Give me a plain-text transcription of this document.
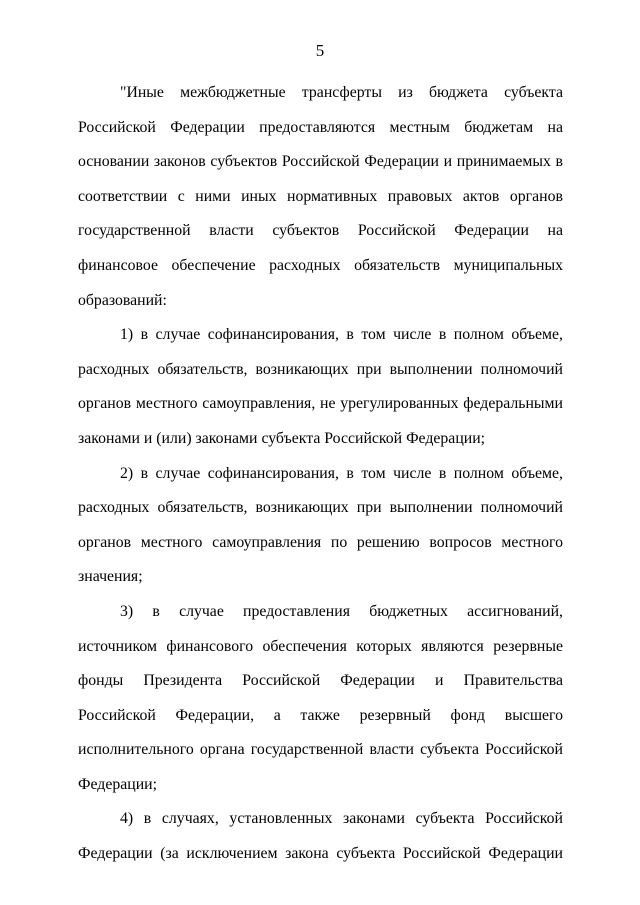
5

"Иные межбюджетные трансферты из бюджета субъекта Российской Федерации предоставляются местным бюджетам на основании законов субъектов Российской Федерации и принимаемых в соответствии с ними иных нормативных правовых актов органов государственной власти субъектов Российской Федерации на финансовое обеспечение расходных обязательств муниципальных образований:

1) в случае софинансирования, в том числе в полном объеме, расходных обязательств, возникающих при выполнении полномочий органов местного самоуправления, не урегулированных федеральными законами и (или) законами субъекта Российской Федерации;

2) в случае софинансирования, в том числе в полном объеме, расходных обязательств, возникающих при выполнении полномочий органов местного самоуправления по решению вопросов местного значения;

3) в случае предоставления бюджетных ассигнований, источником финансового обеспечения которых являются резервные фонды Президента Российской Федерации и Правительства Российской Федерации, а также резервный фонд высшего исполнительного органа государственной власти субъекта Российской Федерации;

4) в случаях, установленных законами субъекта Российской Федерации (за исключением закона субъекта Российской Федерации
